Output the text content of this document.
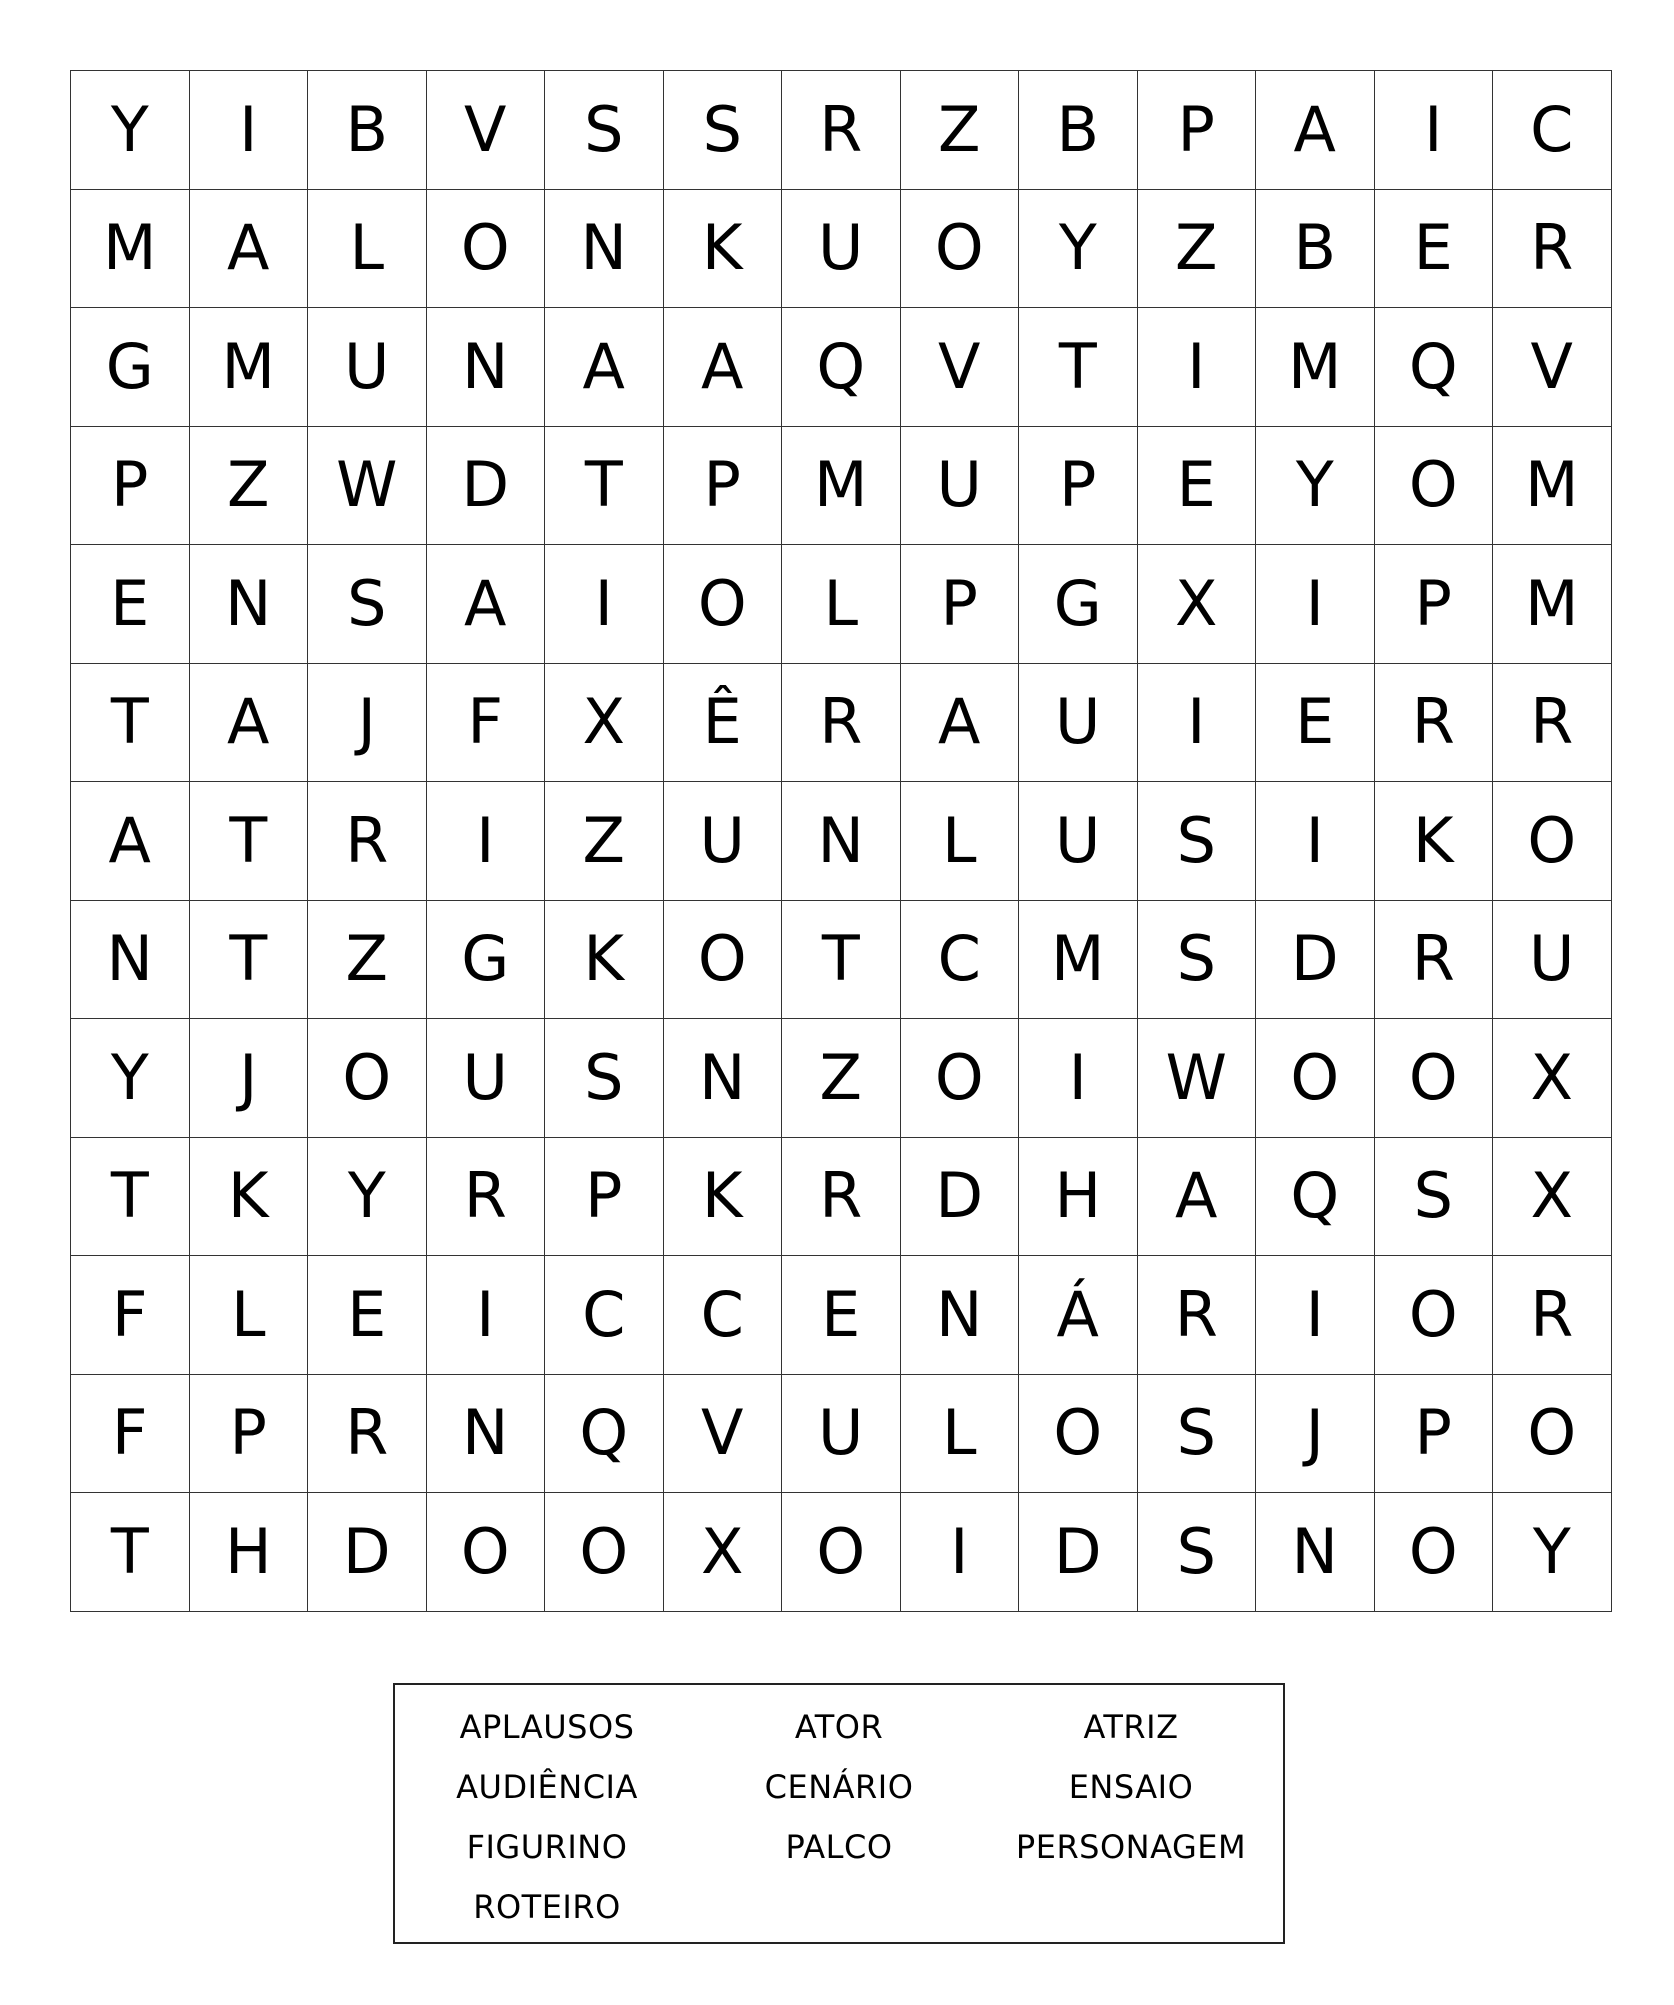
Y	I	B	V	S	S	R	Z	B	P	A	I	C
M	A	L	O	N	K	U	O	Y	Z	B	E	R
G	M	U	N	A	A	Q	V	T	I	M	Q	V
P	Z	W	D	T	P	M	U	P	E	Y	O	M
E	N	S	A	I	O	L	P	G	X	I	P	M
T	A	J	F	X	Ê	R	A	U	I	E	R	R
A	T	R	I	Z	U	N	L	U	S	I	K	O
N	T	Z	G	K	O	T	C	M	S	D	R	U
Y	J	O	U	S	N	Z	O	I	W	O	O	X
T	K	Y	R	P	K	R	D	H	A	Q	S	X
F	L	E	I	C	C	E	N	Á	R	I	O	R
F	P	R	N	Q	V	U	L	O	S	J	P	O
T	H	D	O	O	X	O	I	D	S	N	O	Y
APLAUSOS	ATOR	ATRIZ
AUDIÊNCIA	CENÁRIO	ENSAIO
FIGURINO	PALCO	PERSONAGEM
ROTEIRO
